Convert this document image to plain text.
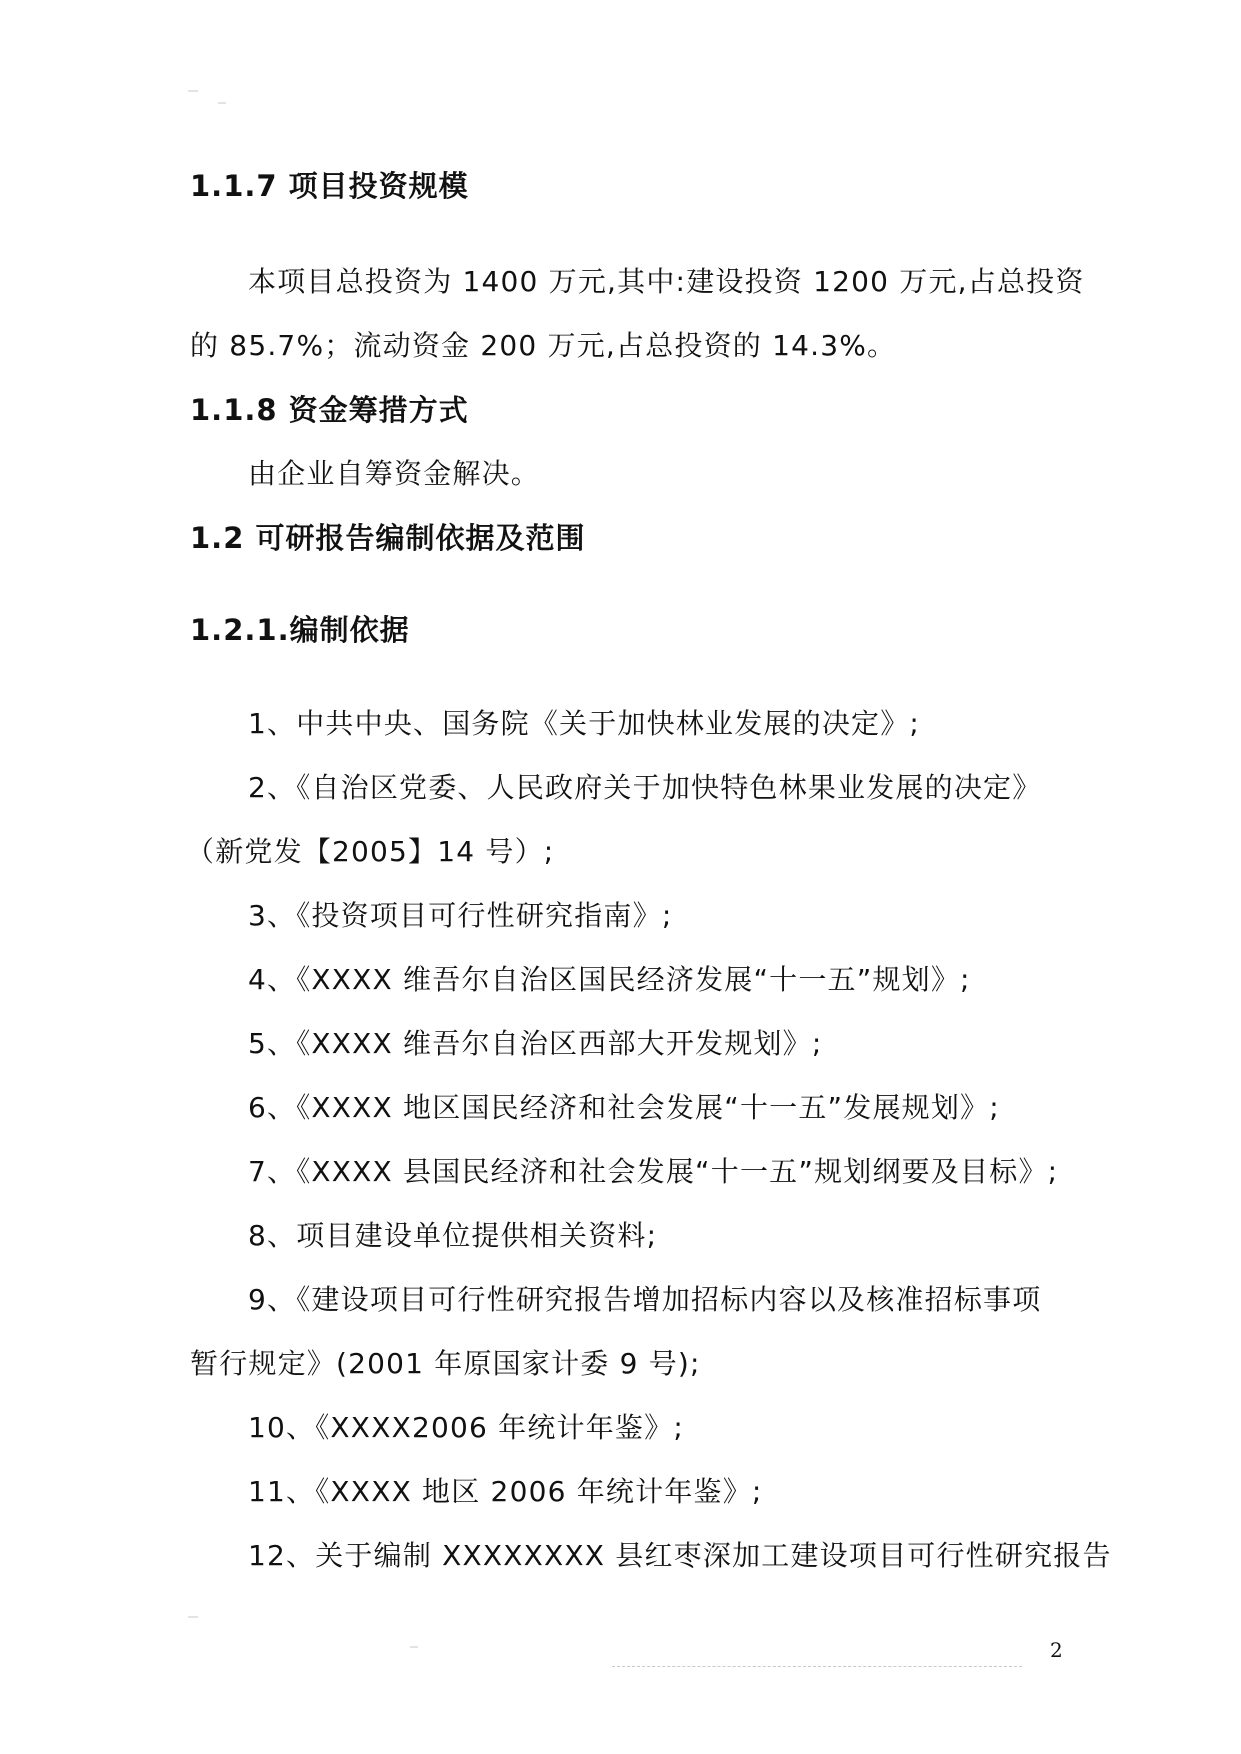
1.1.7 项目投资规模
本项目总投资为 1400 万元,其中:建设投资 1200 万元,占总投资
的 85.7%；流动资金 200 万元,占总投资的 14.3%。
1.1.8 资金筹措方式
由企业自筹资金解决。
1.2 可研报告编制依据及范围
1.2.1.编制依据
1、中共中央、国务院《关于加快林业发展的决定》;
2、《自治区党委、人民政府关于加快特色林果业发展的决定》
（新党发【2005】14 号）;
3、《投资项目可行性研究指南》;
4、《XXXX 维吾尔自治区国民经济发展“十一五”规划》;
5、《XXXX 维吾尔自治区西部大开发规划》;
6、《XXXX 地区国民经济和社会发展“十一五”发展规划》;
7、《XXXX 县国民经济和社会发展“十一五”规划纲要及目标》;
8、项目建设单位提供相关资料;
9、《建设项目可行性研究报告增加招标内容以及核准招标事项
暂行规定》(2001 年原国家计委 9 号);
10、《XXXX2006 年统计年鉴》;
11、《XXXX 地区 2006 年统计年鉴》;
12、关于编制 XXXXXXXX 县红枣深加工建设项目可行性研究报告
2
